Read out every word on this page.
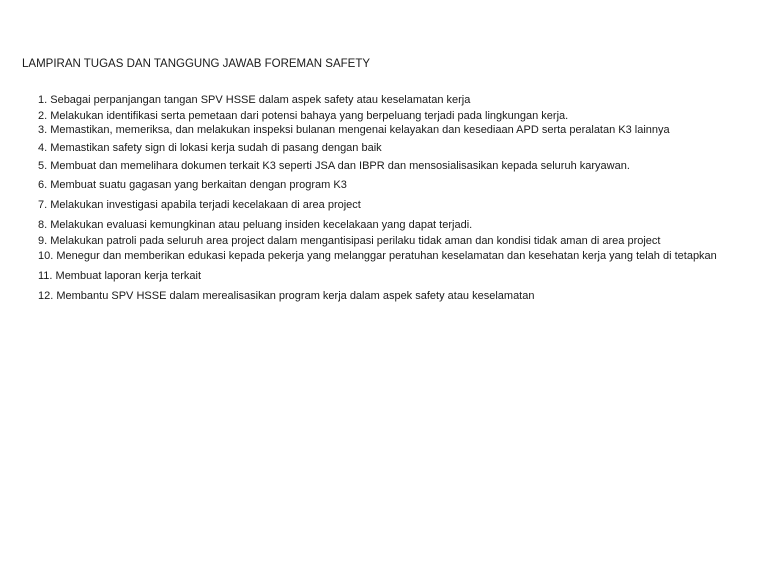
LAMPIRAN TUGAS DAN TANGGUNG JAWAB FOREMAN SAFETY
1. Sebagai perpanjangan tangan SPV HSSE dalam aspek safety atau keselamatan kerja
2. Melakukan identifikasi serta pemetaan dari potensi bahaya yang berpeluang terjadi pada lingkungan kerja.
3. Memastikan, memeriksa, dan melakukan inspeksi bulanan mengenai kelayakan dan kesediaan APD serta peralatan K3 lainnya
4. Memastikan safety sign di lokasi kerja sudah di pasang dengan baik
5. Membuat dan memelihara dokumen terkait K3 seperti JSA dan IBPR dan mensosialisasikan kepada seluruh karyawan.
6. Membuat suatu gagasan yang berkaitan dengan program K3
7. Melakukan investigasi apabila terjadi kecelakaan di area project
8. Melakukan evaluasi kemungkinan atau peluang insiden kecelakaan yang dapat terjadi.
9. Melakukan patroli pada seluruh area project dalam mengantisipasi perilaku tidak aman dan kondisi tidak aman di area project
10. Menegur dan memberikan edukasi kepada pekerja yang melanggar peratuhan keselamatan dan kesehatan kerja yang telah di tetapkan
11. Membuat laporan kerja terkait
12. Membantu SPV HSSE dalam merealisasikan program kerja dalam aspek safety atau keselamatan
